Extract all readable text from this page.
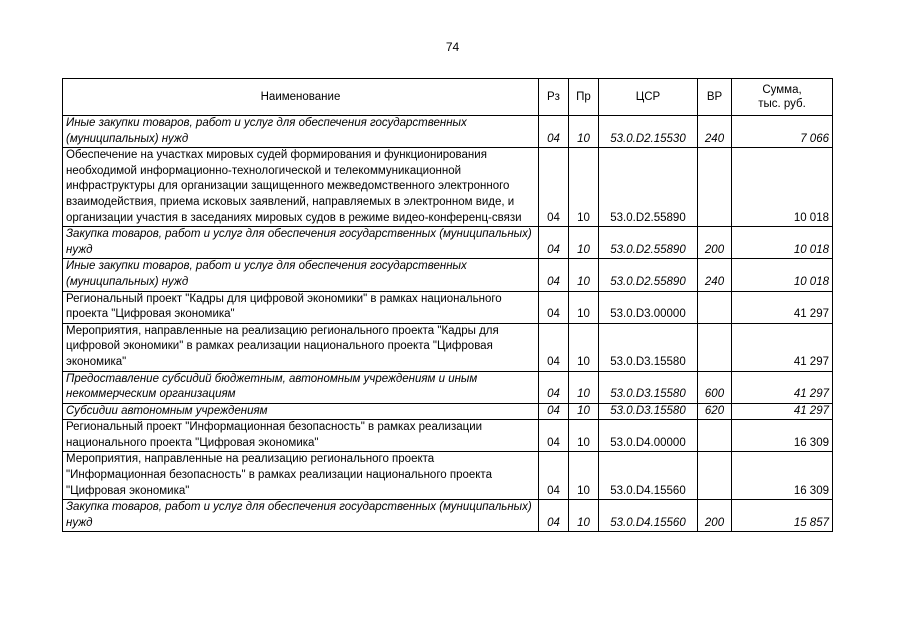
74
Наименование	Рз	Пр	ЦСР	ВР	Сумма,
тыс. руб.
Иные закупки товаров, работ и услуг для обеспечения государственных (муниципальных) нужд	04	10	53.0.D2.15530	240	7 066
Обеспечение на участках мировых судей формирования и функционирования необходимой информационно-технологической и телекоммуникационной инфраструктуры для организации защищенного межведомственного электронного взаимодействия, приема исковых заявлений, направляемых в электронном виде, и организации участия в заседаниях мировых судов в режиме видео-конференц-связи	04	10	53.0.D2.55890		10 018
Закупка товаров, работ и услуг для обеспечения государственных (муниципальных) нужд	04	10	53.0.D2.55890	200	10 018
Иные закупки товаров, работ и услуг для обеспечения государственных (муниципальных) нужд	04	10	53.0.D2.55890	240	10 018
Региональный проект "Кадры для цифровой экономики" в рамках национального проекта "Цифровая экономика"	04	10	53.0.D3.00000		41 297
Мероприятия, направленные на реализацию регионального проекта "Кадры для цифровой экономики" в рамках реализации национального проекта "Цифровая экономика"	04	10	53.0.D3.15580		41 297
Предоставление субсидий бюджетным, автономным учреждениям и иным некоммерческим организациям	04	10	53.0.D3.15580	600	41 297
Субсидии автономным учреждениям	04	10	53.0.D3.15580	620	41 297
Региональный проект "Информационная безопасность" в рамках реализации национального проекта "Цифровая экономика"	04	10	53.0.D4.00000		16 309
Мероприятия, направленные на реализацию регионального проекта "Информационная безопасность" в рамках реализации национального проекта "Цифровая экономика"	04	10	53.0.D4.15560		16 309
Закупка товаров, работ и услуг для обеспечения государственных (муниципальных) нужд	04	10	53.0.D4.15560	200	15 857
